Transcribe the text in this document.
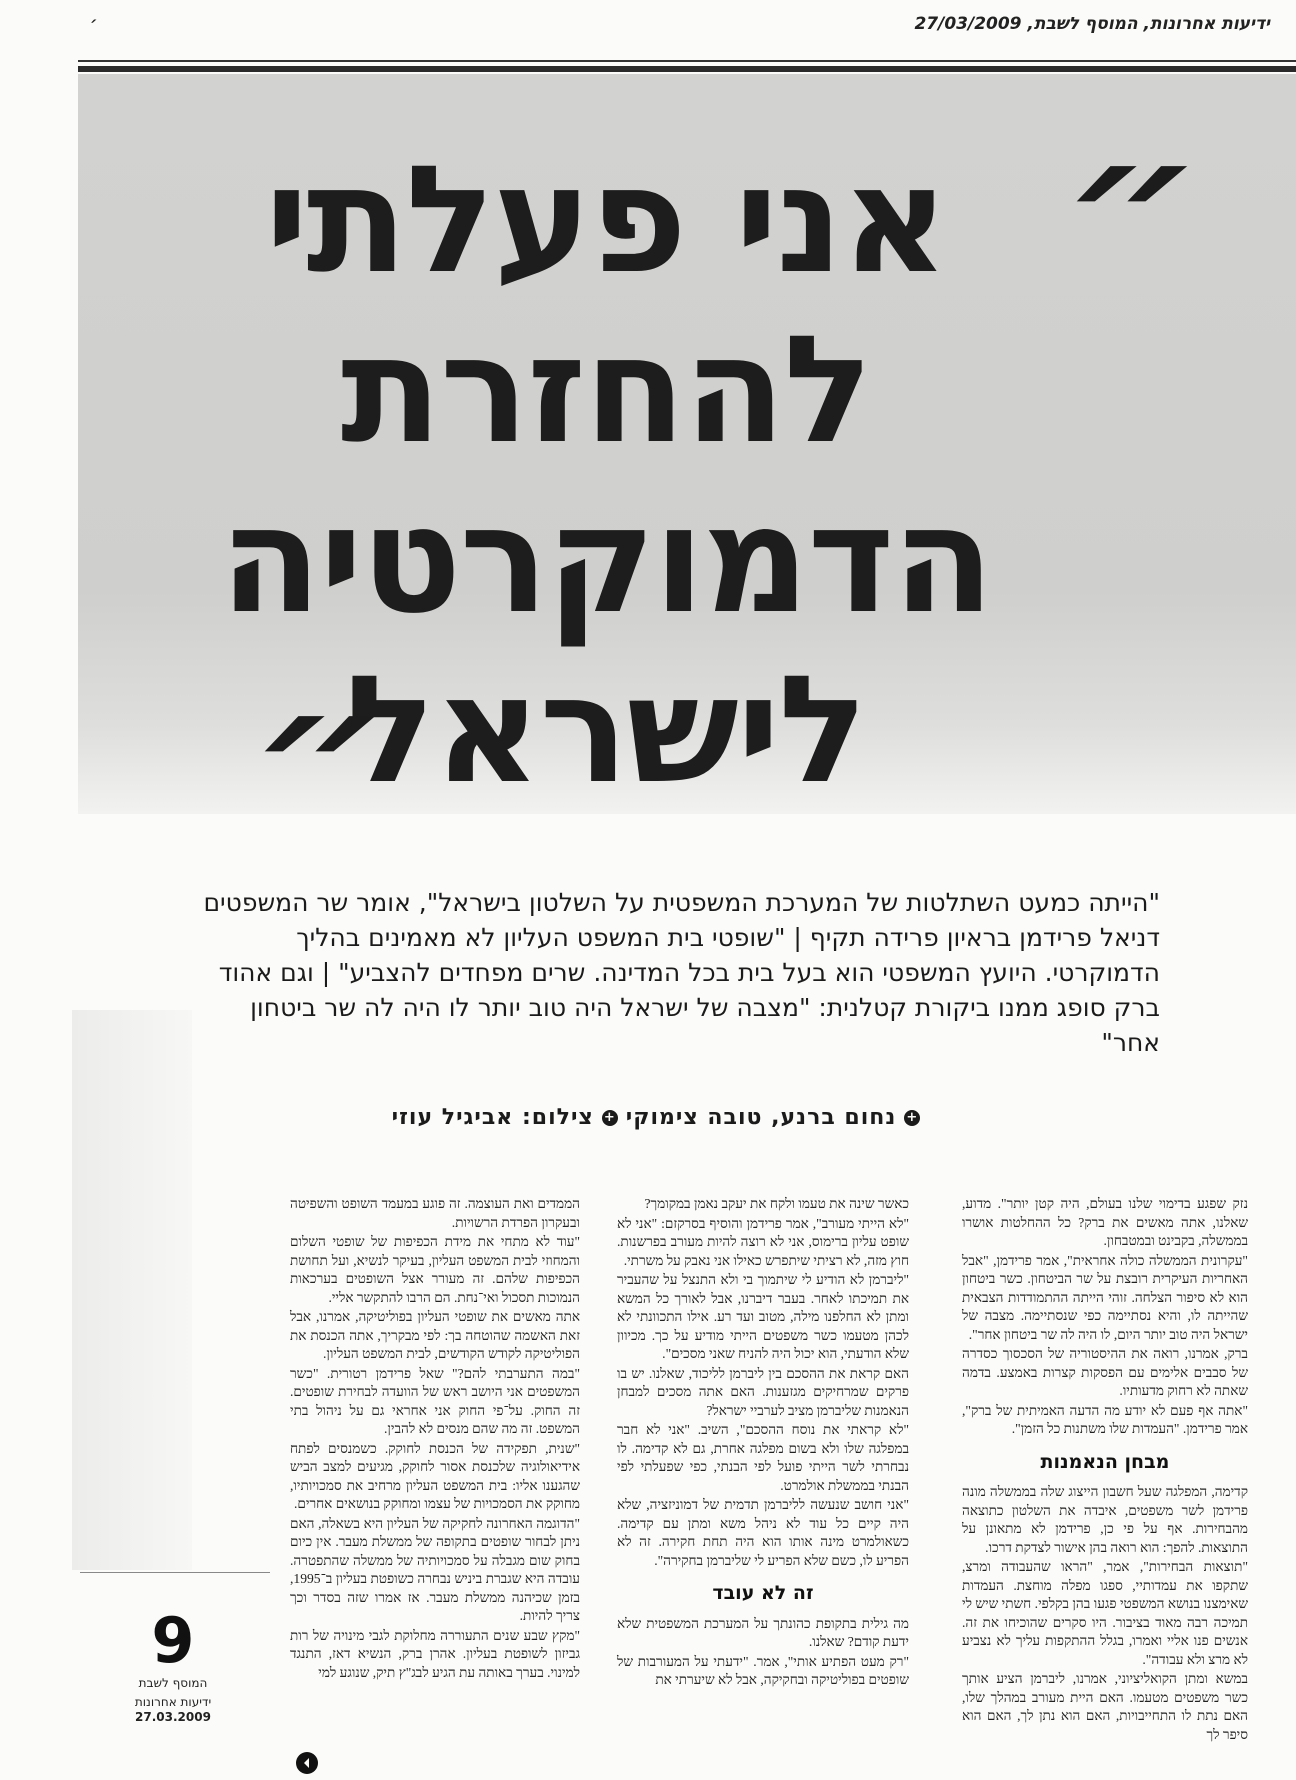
ידיעות אחרונות, המוסף לשבת, 27/03/2009
׳
״
אני פעלתי
להחזרת
הדמוקרטיה
לישראל
״
"הייתה כמעט השתלטות של המערכת המשפטית על השלטון בישראל", אומר שר המשפטים דניאל פרידמן בראיון פרידה תקיף | "שופטי בית המשפט העליון לא מאמינים בהליך הדמוקרטי. היועץ המשפטי הוא בעל בית בכל המדינה. שרים מפחדים להצביע" | וגם אהוד ברק סופג ממנו ביקורת קטלנית: "מצבה של ישראל היה טוב יותר לו היה לה שר ביטחון אחר"
+נחום ברנע, טובה צימוקי+צילום: אביגיל עוזי

נזק שפגע בדימוי שלנו בעולם, היה קטן יותר". מדוע, שאלנו, אתה מאשים את ברק? כל ההחלטות אושרו בממשלה, בקבינט ובמטבחון.

"עקרונית הממשלה כולה אחראית", אמר פרידמן, "אבל האחריות העיקרית רובצת על שר הביטחון. כשר ביטחון הוא לא סיפור הצלחה. זוהי הייתה ההתמודדות הצבאית שהייתה לו, והיא נסתיימה כפי שנסתיימה. מצבה של ישראל היה טוב יותר היום, לו היה לה שר ביטחון אחר".

ברק, אמרנו, רואה את ההיסטוריה של הסכסוך כסדרה של סבבים אלימים עם הפסקות קצרות באמצע. בדמה שאתה לא רחוק מדעותיו.

"אתה אף פעם לא יודע מה הדעה האמיתית של ברק", אמר פרידמן. "העמדות שלו משתנות כל הזמן".

מבחן הנאמנות

קדימה, המפלגה שעל חשבון הייצוג שלה בממשלה מונה פרידמן לשר משפטים, איבדה את השלטון כתוצאה מהבחירות. אף על פי כן, פרידמן לא מתאונן על התוצאות. להפך: הוא רואה בהן אישור לצדקת דרכו.

"תוצאות הבחירות", אמר, "הראו שהעבודה ומרצ, שתקפו את עמדותיי, ספגו מפלה מוחצת. העמדות שאימצנו בנושא המשפטי פגעו בהן בקלפי. חשתי שיש לי תמיכה רבה מאוד בציבור. היו סקרים שהוכיחו את זה. אנשים פנו אליי ואמרו, בגלל ההתקפות עליך לא נצביע לא מרצ ולא עבודה".

במשא ומתן הקואליציוני, אמרנו, ליברמן הציע אותך כשר משפטים מטעמו. האם היית מעורב במהלך שלו, האם נתת לו התחייבויות, האם הוא נתן לך, האם הוא סיפר לך

כאשר שינה את טעמו ולקח את יעקב נאמן במקומך?

"לא הייתי מעורב", אמר פרידמן והוסיף בסרקזם: "אני לא שופט עליון ברימוס, אני לא רוצה להיות מעורב בפרשנות. חוץ מזה, לא רציתי שיתפרש כאילו אני נאבק על משרתי.

"ליברמן לא הודיע לי שיתמוך בי ולא התנצל על שהעביר את תמיכתו לאחר. בעבר דיברנו, אבל לאורך כל המשא ומתן לא החלפנו מילה, מטוב ועד רע. אילו התכוונתי לא לכהן מטעמו כשר משפטים הייתי מודיע על כך. מכיוון שלא הודעתי, הוא יכול היה להניח שאני מסכים".

האם קראת את ההסכם בין ליברמן לליכוד, שאלנו. יש בו פרקים שמרחיקים מגזענות. האם אתה מסכים למבחן הנאמנות שליברמן מציב לערביי ישראל?

"לא קראתי את נוסח ההסכם", השיב. "אני לא חבר במפלגה שלו ולא בשום מפלגה אחרת, גם לא קדימה. לו נבחרתי לשר הייתי פועל לפי הבנתי, כפי שפעלתי לפי הבנתי בממשלת אולמרט.

"אני חושב שנעשה לליברמן תדמית של דמוניזציה, שלא היה קיים כל עוד לא ניהל משא ומתן עם קדימה. כשאולמרט מינה אותו הוא היה תחת חקירה. זה לא הפריע לו, כשם שלא הפריע לי שליברמן בחקירה".

זה לא עובד

מה גילית בתקופת כהונתך על המערכת המשפטית שלא ידעת קודם? שאלנו.

"רק מעט הפתיע אותי", אמר. "ידעתי על המעורבות של שופטים בפוליטיקה ובחקיקה, אבל לא שיערתי את

הממדים ואת העוצמה. זה פוגע במעמד השופט והשפיטה ובעקרון הפרדת הרשויות.

"עוד לא מתחי את מידת הכפיפות של שופטי השלום והמחוזי לבית המשפט העליון, בעיקר לנשיא, ועל תחושת הכפיפות שלהם. זה מעורר אצל השופטים בערכאות הנמוכות תסכול ואי־נחת. הם הרבו להתקשר אליי.

אתה מאשים את שופטי העליון בפוליטיקה, אמרנו, אבל זאת האשמה שהוטחה בך: לפי מבקריך, אתה הכנסת את הפוליטיקה לקודש הקודשים, לבית המשפט העליון.

"במה התערבתי להם?" שאל פרידמן רטורית. "כשר המשפטים אני היושב ראש של הוועדה לבחירת שופטים. זה החוק. על־פי החוק אני אחראי גם על ניהול בתי המשפט. זה מה שהם מנסים לא להבין.

"שנית, תפקידה של הכנסת לחוקק. כשמנסים לפתח אידיאולוגיה שלכנסת אסור לחוקק, מגיעים למצב הביש שהגענו אליו: בית המשפט העליון מרחיב את סמכויותיו, מחוקק את הסמכויות של עצמו ומחוקק בנושאים אחרים.

"הדוגמה האחרונה לחקיקה של העליון היא בשאלה, האם ניתן לבחור שופטים בתקופה של ממשלת מעבר. אין כיום בחוק שום מגבלה על סמכויותיה של ממשלה שהתפטרה. עובדה היא שגברת ביניש נבחרה כשופטת בעליון ב־1995, בזמן שכיהנה ממשלת מעבר. אז אמרו שזה בסדר וכך צריך להיות.

"מקץ שבע שנים התעוררה מחלוקת לגבי מינויה של רות גביזון לשופטת בעליון. אהרן ברק, הנשיא דאז, התנגד למינוי. בערך באותה עת הגיע לבג"ץ תיק, שנוגע למי

9
המוסף לשבת
ידיעות אחרונות
27.03.2009
